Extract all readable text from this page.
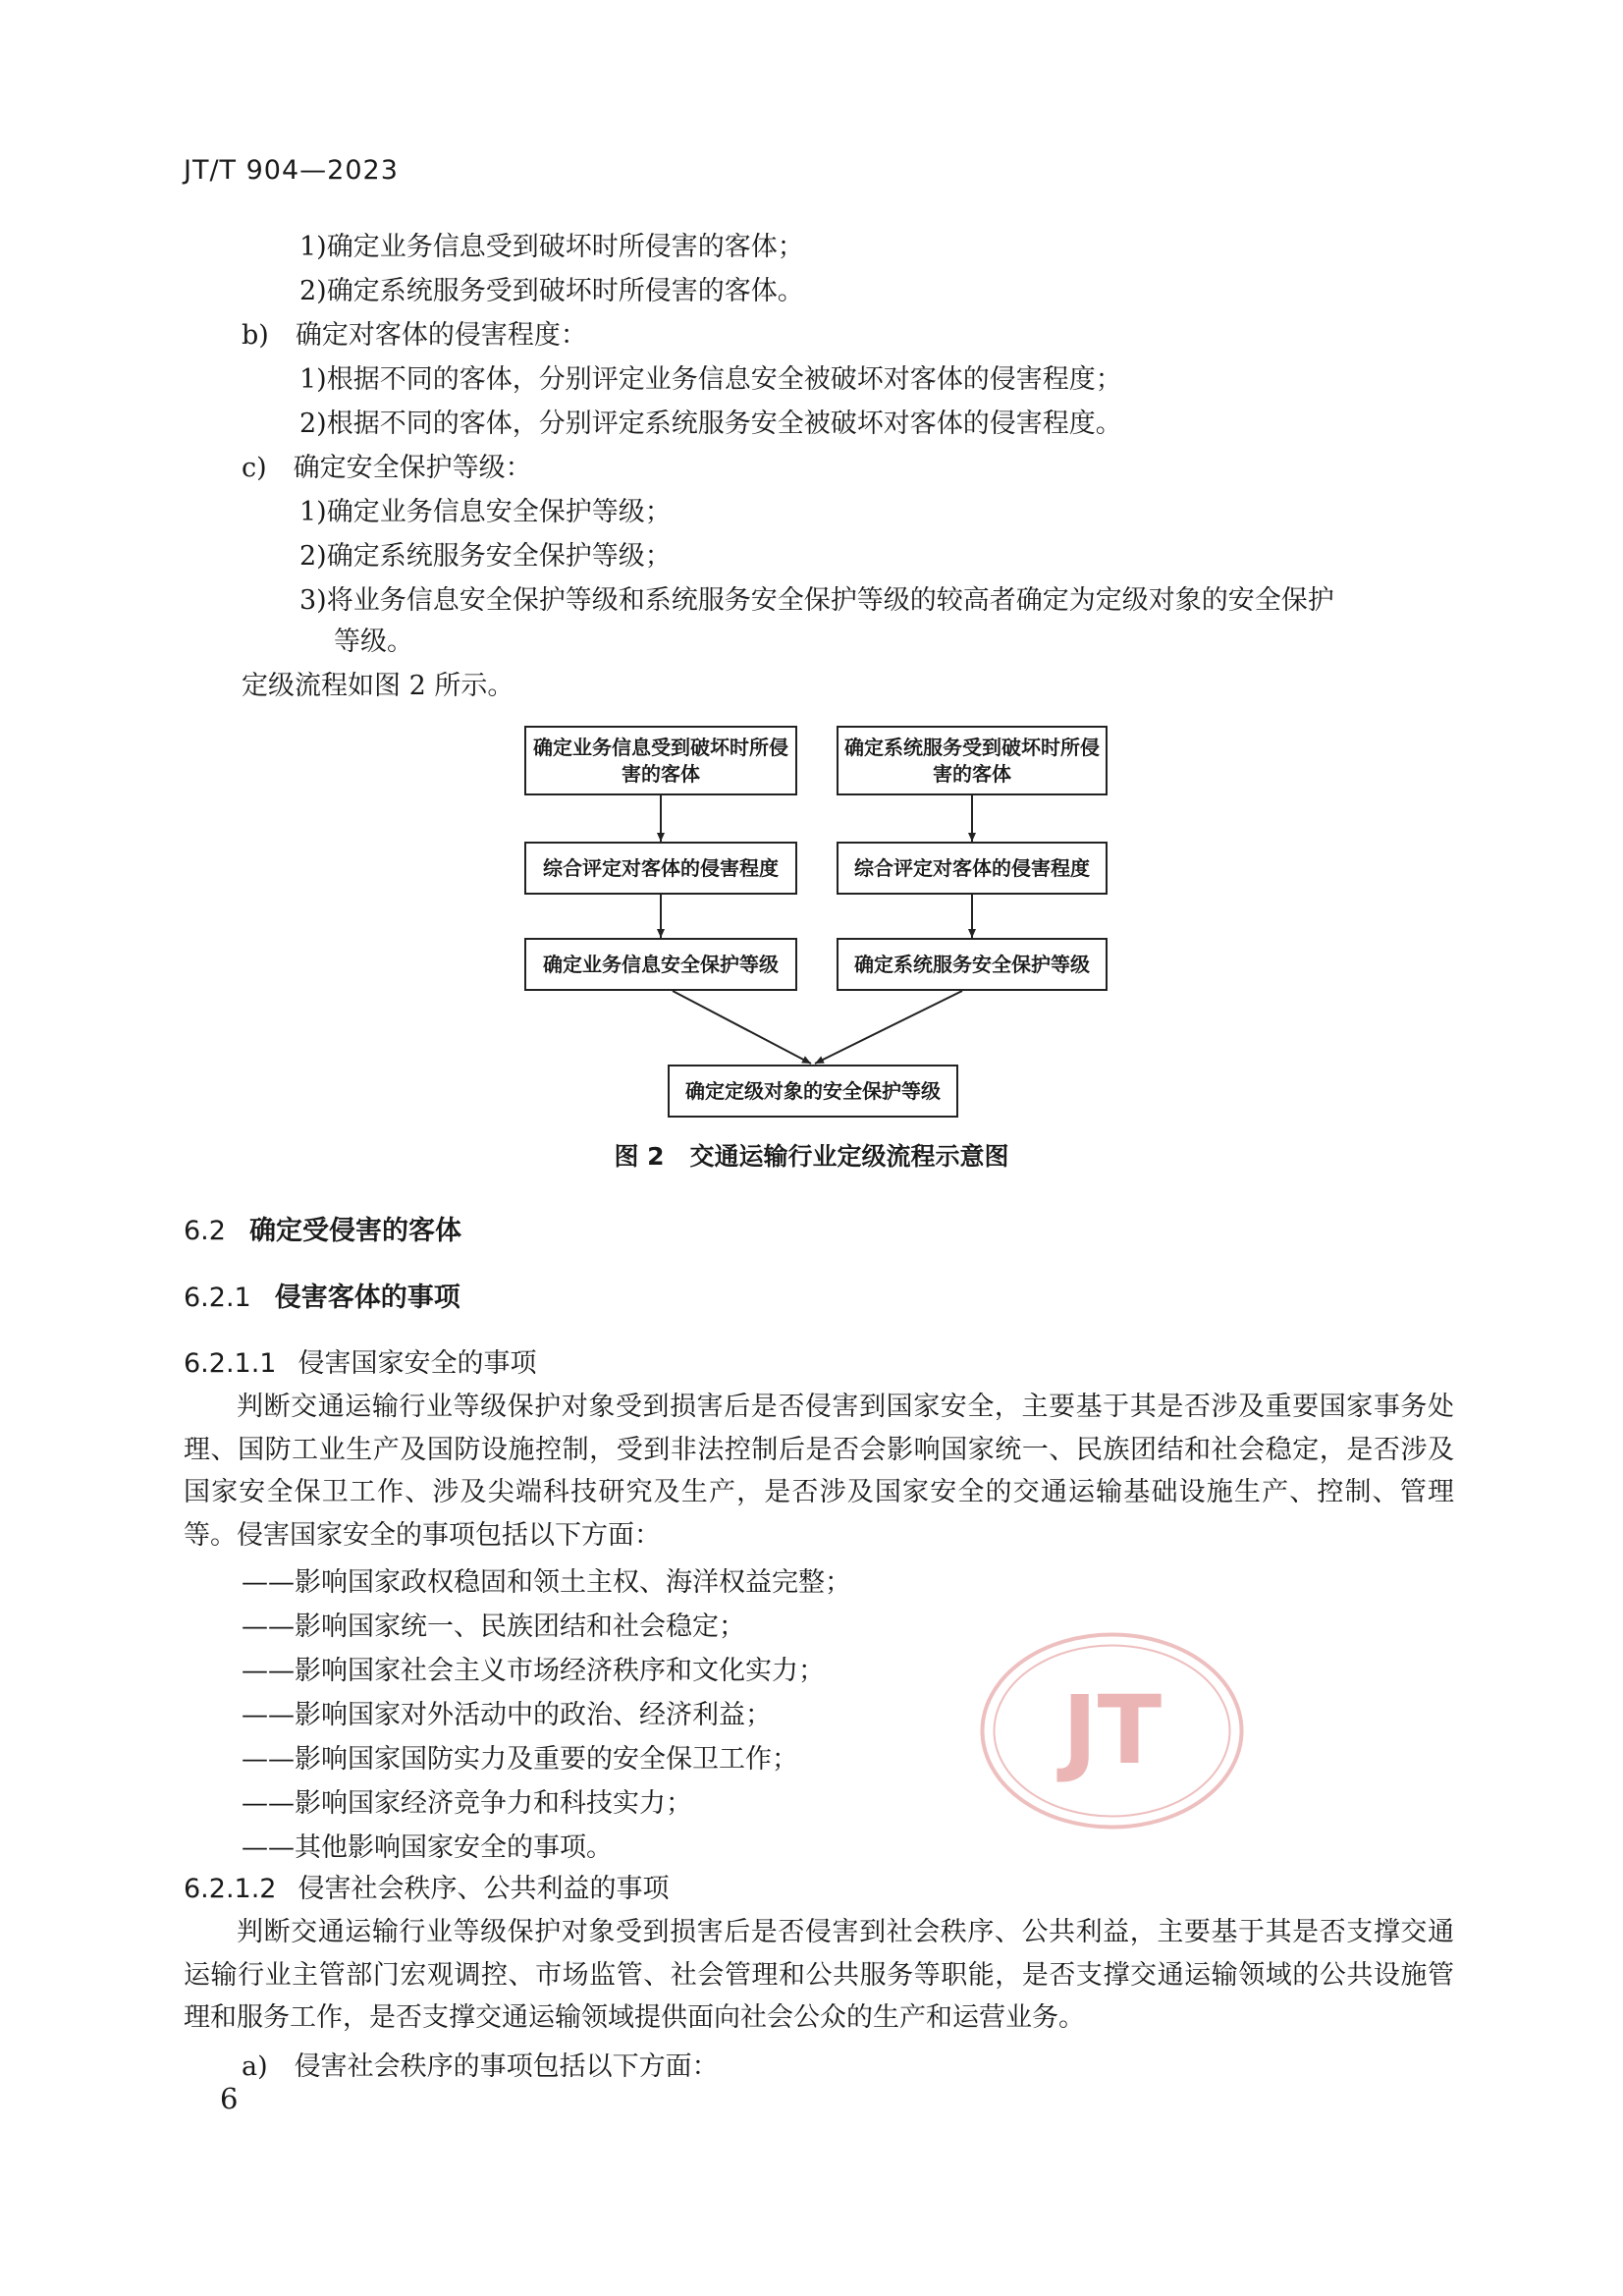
JT/T 904—2023
1)确定业务信息受到破坏时所侵害的客体；
2)确定系统服务受到破坏时所侵害的客体。
b)　确定对客体的侵害程度：
1)根据不同的客体，分别评定业务信息安全被破坏对客体的侵害程度；
2)根据不同的客体，分别评定系统服务安全被破坏对客体的侵害程度。
c)　确定安全保护等级：
1)确定业务信息安全保护等级；
2)确定系统服务安全保护等级；
3)将业务信息安全保护等级和系统服务安全保护等级的较高者确定为定级对象的安全保护
等级。
定级流程如图 2 所示。
确定业务信息受到破坏时所侵害的客体
确定系统服务受到破坏时所侵害的客体
综合评定对客体的侵害程度	综合评定对客体的侵害程度
确定业务信息安全保护等级	确定系统服务安全保护等级
确定定级对象的安全保护等级
图 2 交通运输行业定级流程示意图
6.2 确定受侵害的客体
6.2.1 侵害客体的事项
6.2.1.1 侵害国家安全的事项
判断交通运输行业等级保护对象受到损害后是否侵害到国家安全，主要基于其是否涉及重要国家事务处理、国防工业生产及国防设施控制，受到非法控制后是否会影响国家统一、民族团结和社会稳定，是否涉及国家安全保卫工作、涉及尖端科技研究及生产，是否涉及国家安全的交通运输基础设施生产、控制、管理等。侵害国家安全的事项包括以下方面：
——影响国家政权稳固和领土主权、海洋权益完整；
——影响国家统一、民族团结和社会稳定；
——影响国家社会主义市场经济秩序和文化实力；
——影响国家对外活动中的政治、经济利益；
——影响国家国防实力及重要的安全保卫工作；
——影响国家经济竞争力和科技实力；
——其他影响国家安全的事项。
6.2.1.2 侵害社会秩序、公共利益的事项
判断交通运输行业等级保护对象受到损害后是否侵害到社会秩序、公共利益，主要基于其是否支撑交通运输行业主管部门宏观调控、市场监管、社会管理和公共服务等职能，是否支撑交通运输领域的公共设施管理和服务工作，是否支撑交通运输领域提供面向社会公众的生产和运营业务。
a)　侵害社会秩序的事项包括以下方面：
JT
6
